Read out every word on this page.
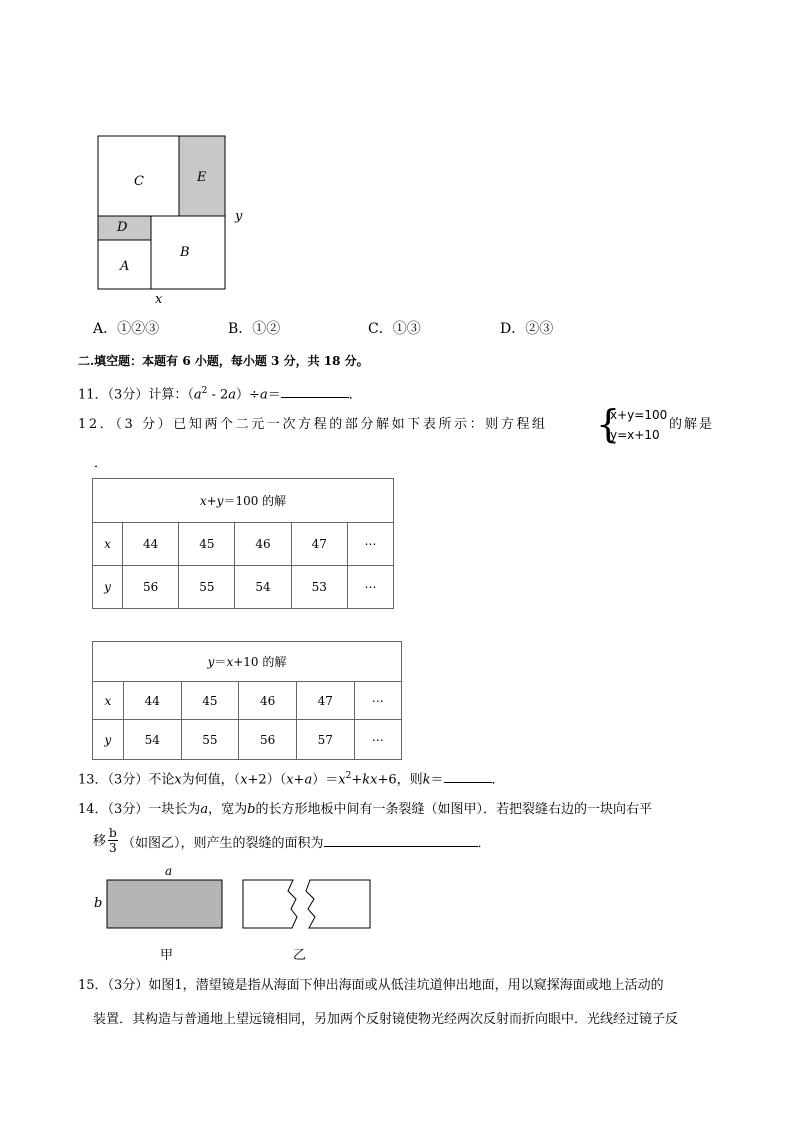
C	E
D
A
B
y
x
A．①②③	B．①②	C．①③	D．②③
二.填空题：本题有 6 小题，每小题 3 分，共 18 分。
11．（3分）计算：$(a^2 - 2a)\div a=$	．
12．（3 分）已知两个二元一次方程的部分解如下表所示：则方程组 {
x+y=100
y=x+10
的解是
．
x+y＝100 的解					
x	44	45	46	47	⋯
y	56	55	54	53	⋯
y＝x+10 的解					
x	44	45	46	47	⋯
y	54	55	56	57	⋯
13．（3分）不论x为何值，$(x+2)(x+a)=x^2+kx+6$，则k＝	．
14．（3分）一块长为a，宽为b的长方形地板中间有一条裂缝（如图甲）．若把裂缝右边的一块向右平
移 $\frac{b}{3}$ （如图乙），则产生的裂缝的面积为	．
a
b
甲	乙
15．（3分）如图1，潜望镜是指从海面下伸出海面或从低洼坑道伸出地面，用以窥探海面或地上活动的
装置．其构造与普通地上望远镜相同，另加两个反射镜使物光经两次反射而折向眼中．光线经过镜子反
